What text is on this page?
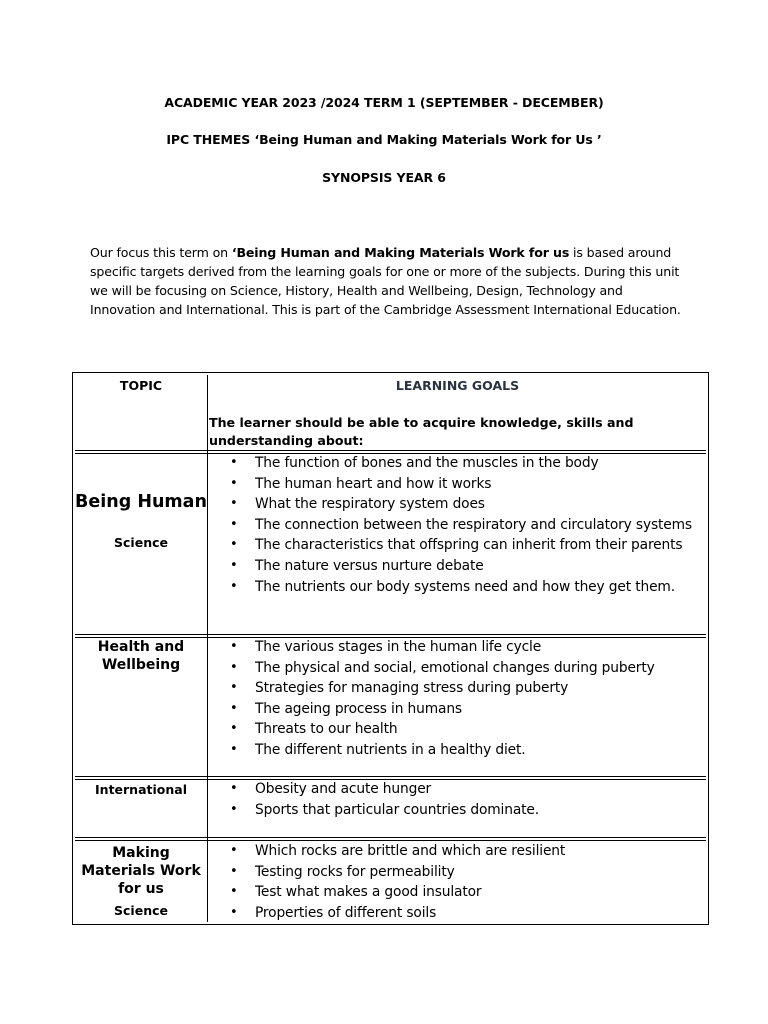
ACADEMIC YEAR 2023 /2024 TERM 1 (SEPTEMBER - DECEMBER)
IPC THEMES ‘Being Human and Making Materials Work for Us ’
SYNOPSIS YEAR 6
Our focus this term on ‘Being Human and Making Materials Work for us is based around specific targets derived from the learning goals for one or more of the subjects. During this unit we will be focusing on Science, History, Health and Wellbeing, Design, Technology and Innovation and International. This is part of the Cambridge Assessment International Education.
TOPIC	LEARNING GOALS
The learner should be able to acquire knowledge, skills and understanding about:
Being Human
Science
• The function of bones and the muscles in the body
• The human heart and how it works
• What the respiratory system does
• The connection between the respiratory and circulatory systems
• The characteristics that offspring can inherit from their parents
• The nature versus nurture debate
• The nutrients our body systems need and how they get them.
Health and Wellbeing
• The various stages in the human life cycle
• The physical and social, emotional changes during puberty
• Strategies for managing stress during puberty
• The ageing process in humans
• Threats to our health
• The different nutrients in a healthy diet.
International	• Obesity and acute hunger
• Sports that particular countries dominate.
Making Materials Work for us
Science
• Which rocks are brittle and which are resilient
• Testing rocks for permeability
• Test what makes a good insulator
• Properties of different soils
